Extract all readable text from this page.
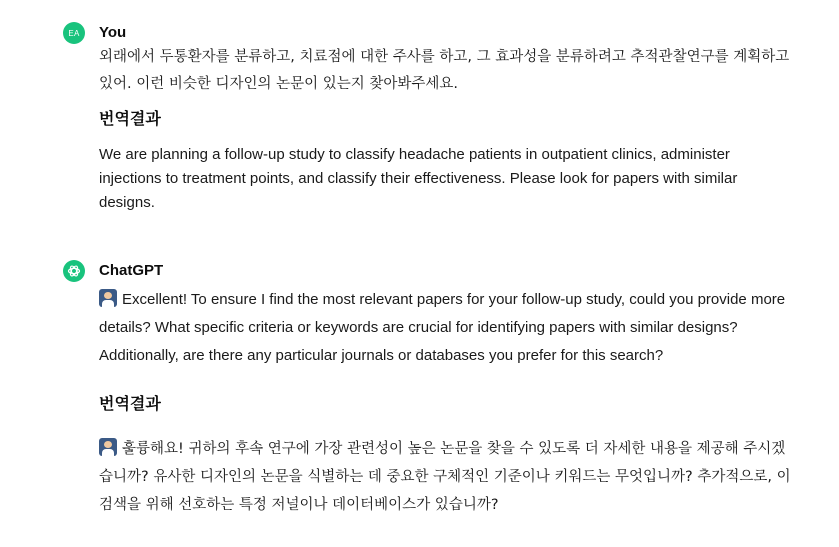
EA You
외래에서 두통환자를 분류하고, 치료점에 대한 주사를 하고, 그 효과성을 분류하려고 추적관찰연구를 계획하고 있어. 이런 비슷한 디자인의 논문이 있는지 찾아봐주세요.
번역결과
We are planning a follow-up study to classify headache patients in outpatient clinics, administer injections to treatment points, and classify their effectiveness. Please look for papers with similar designs.
ChatGPT
Excellent! To ensure I find the most relevant papers for your follow-up study, could you provide more details? What specific criteria or keywords are crucial for identifying papers with similar designs? Additionally, are there any particular journals or databases you prefer for this search?
번역결과
훌륭해요! 귀하의 후속 연구에 가장 관련성이 높은 논문을 찾을 수 있도록 더 자세한 내용을 제공해 주시겠습니까? 유사한 디자인의 논문을 식별하는 데 중요한 구체적인 기준이나 키워드는 무엇입니까? 추가적으로, 이 검색을 위해 선호하는 특정 저널이나 데이터베이스가 있습니까?
